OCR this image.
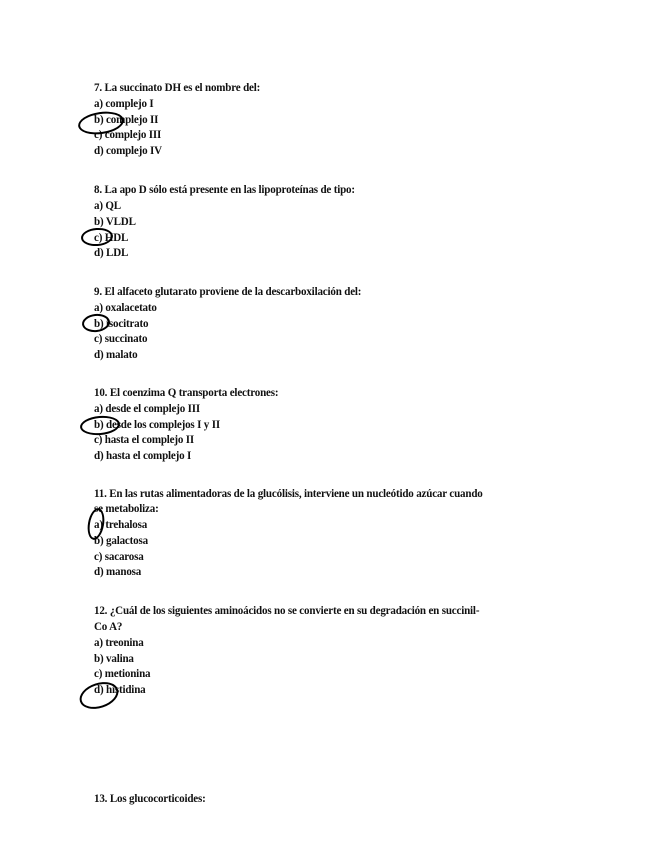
7. La succinato DH es el nombre del:
a) complejo I
b) complejo II
c) complejo III
d) complejo IV
8. La apo D sólo está presente en las lipoproteínas de tipo:
a) QL
b) VLDL
c) HDL
d) LDL
9. El alfaceto glutarato proviene de la descarboxilación del:
a) oxalacetato
b) isocitrato
c) succinato
d) malato
10. El coenzima Q transporta electrones:
a) desde el complejo III
b) desde los complejos I y II
c) hasta el complejo II
d) hasta el complejo I
11. En las rutas alimentadoras de la glucólisis, interviene un nucleótido azúcar cuando
se metaboliza:
a) trehalosa
b) galactosa
c) sacarosa
d) manosa
12. ¿Cuál de los siguientes aminoácidos no se convierte en su degradación en succinil-
Co A?
a) treonina
b) valina
c) metionina
d) histidina
13. Los glucocorticoides:
